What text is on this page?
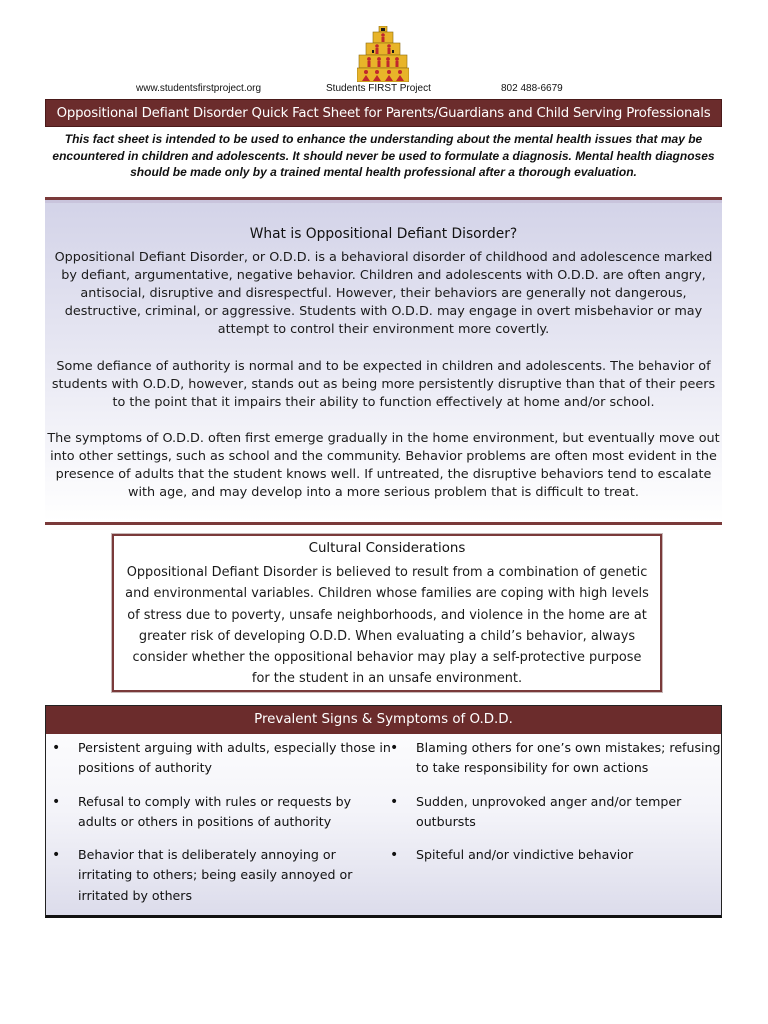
www.studentsfirstproject.org	Students FIRST Project	802 488-6679
Oppositional Defiant Disorder Quick Fact Sheet for Parents/Guardians and Child Serving Professionals
This fact sheet is intended to be used to enhance the understanding about the mental health issues that may be encountered in children and adolescents. It should never be used to formulate a diagnosis. Mental health diagnoses should be made only by a trained mental health professional after a thorough evaluation.
What is Oppositional Defiant Disorder?

Oppositional Defiant Disorder, or O.D.D. is a behavioral disorder of childhood and adolescence marked by defiant, argumentative, negative behavior. Children and adolescents with O.D.D. are often angry, antisocial, disruptive and disrespectful. However, their behaviors are generally not dangerous, destructive, criminal, or aggressive. Students with O.D.D. may engage in overt misbehavior or may attempt to control their environment more covertly.

Some defiance of authority is normal and to be expected in children and adolescents. The behavior of students with O.D.D, however, stands out as being more persistently disruptive than that of their peers to the point that it impairs their ability to function effectively at home and/or school.

The symptoms of O.D.D. often first emerge gradually in the home environment, but eventually move out into other settings, such as school and the community. Behavior problems are often most evident in the presence of adults that the student knows well. If untreated, the disruptive behaviors tend to escalate with age, and may develop into a more serious problem that is difficult to treat.

Cultural Considerations
Oppositional Defiant Disorder is believed to result from a combination of genetic and environmental variables. Children whose families are coping with high levels of stress due to poverty, unsafe neighborhoods, and violence in the home are at greater risk of developing O.D.D. When evaluating a child’s behavior, always consider whether the oppositional behavior may play a self-protective purpose for the student in an unsafe environment.
Prevalent Signs & Symptoms of O.D.D.
• Persistent arguing with adults, especially those in positions of authority
• Refusal to comply with rules or requests by adults or others in positions of authority
• Behavior that is deliberately annoying or irritating to others; being easily annoyed or irritated by others
• Blaming others for one’s own mistakes; refusing to take responsibility for own actions
• Sudden, unprovoked anger and/or temper outbursts
• Spiteful and/or vindictive behavior
